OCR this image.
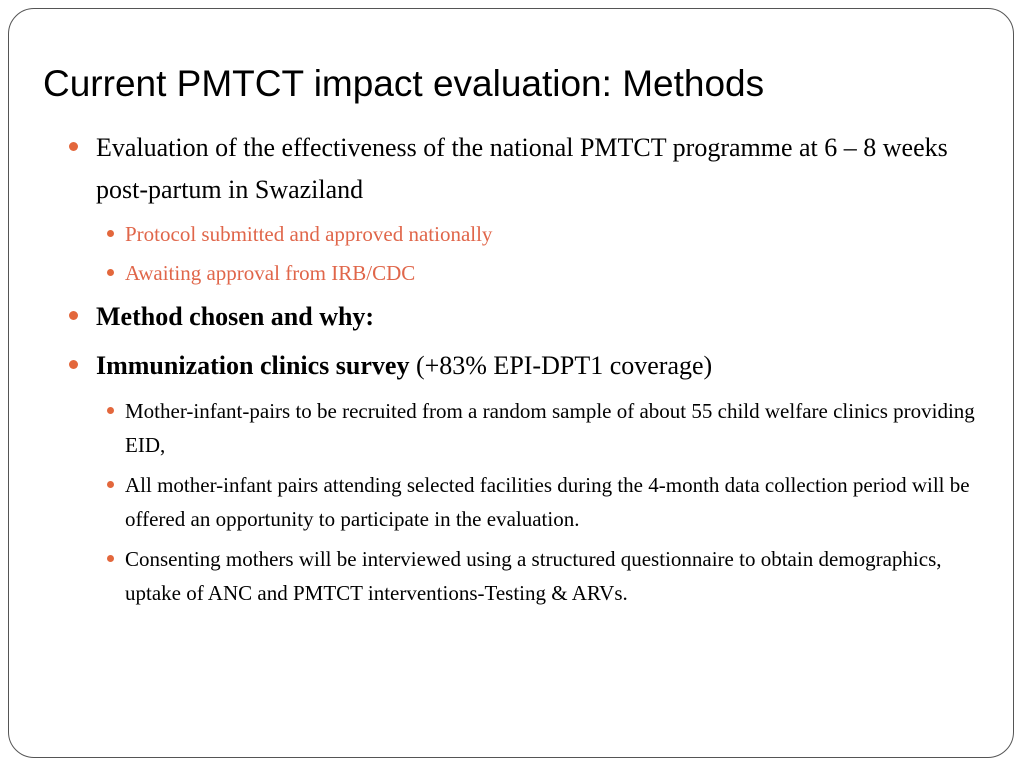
Current PMTCT impact evaluation: Methods
Evaluation of the effectiveness of the national PMTCT programme at 6 – 8 weeks post-partum in Swaziland
Protocol submitted and approved nationally
Awaiting approval from IRB/CDC
Method chosen and why:
Immunization clinics survey (+83% EPI-DPT1 coverage)
Mother-infant-pairs to be recruited from a random sample of about 55 child welfare clinics providing EID,
All mother-infant pairs attending selected facilities during the 4-month data collection period will be offered an opportunity to participate in the evaluation.
Consenting mothers will be interviewed using a structured questionnaire to obtain demographics, uptake of ANC and PMTCT interventions-Testing & ARVs.
